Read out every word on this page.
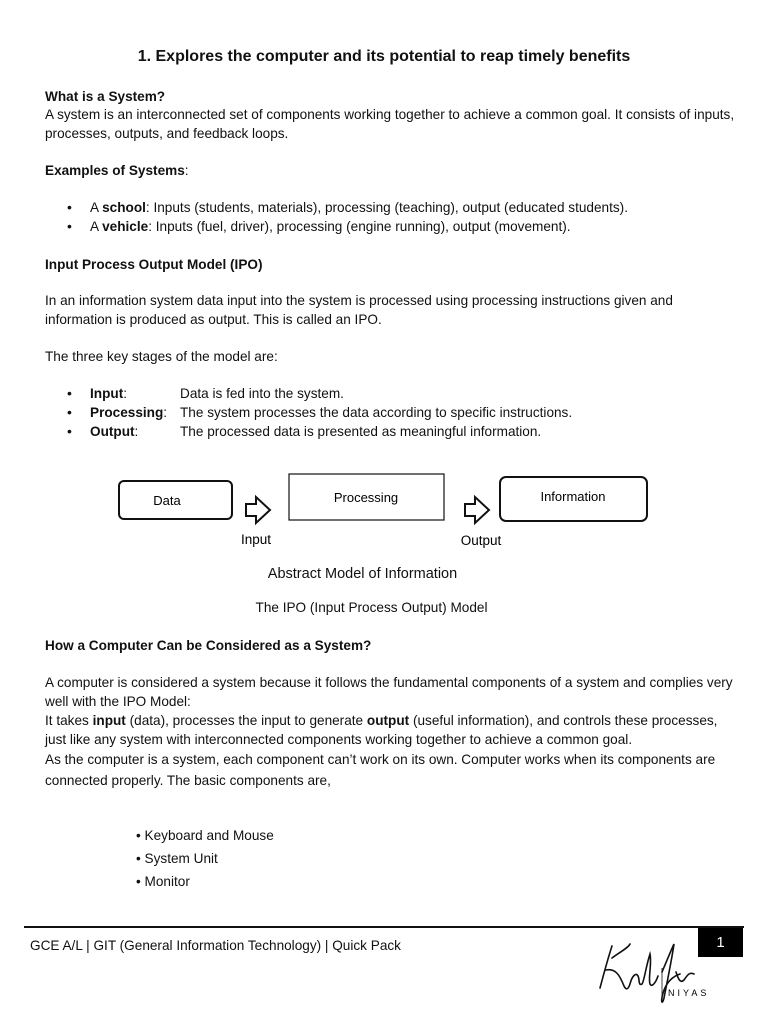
1. Explores the computer and its potential to reap timely benefits
What is a System?
A system is an interconnected set of components working together to achieve a common goal. It consists of inputs, processes, outputs, and feedback loops.
Examples of Systems:
• A school: Inputs (students, materials), processing (teaching), output (educated students).
• A vehicle: Inputs (fuel, driver), processing (engine running), output (movement).
Input Process Output Model (IPO)
In an information system data input into the system is processed using processing instructions given and information is produced as output. This is called an IPO.
The three key stages of the model are:
• Input:	Data is fed into the system.
• Processing: The system processes the data according to specific instructions.
• Output:	The processed data is presented as meaningful information.
Data
Input
Processing
Output
Information
Abstract Model of Information
The IPO (Input Process Output) Model
How a Computer Can be Considered as a System?
A computer is considered a system because it follows the fundamental components of a system and complies very well with the IPO Model:
It takes input (data), processes the input to generate output (useful information), and controls these processes, just like any system with interconnected components working together to achieve a common goal.
As the computer is a system, each component can’t work on its own. Computer works when its components are connected properly. The basic components are,
• Keyboard and Mouse
• System Unit
• Monitor
GCE A/L | GIT (General Information Technology) | Quick Pack
NIYAS
1
